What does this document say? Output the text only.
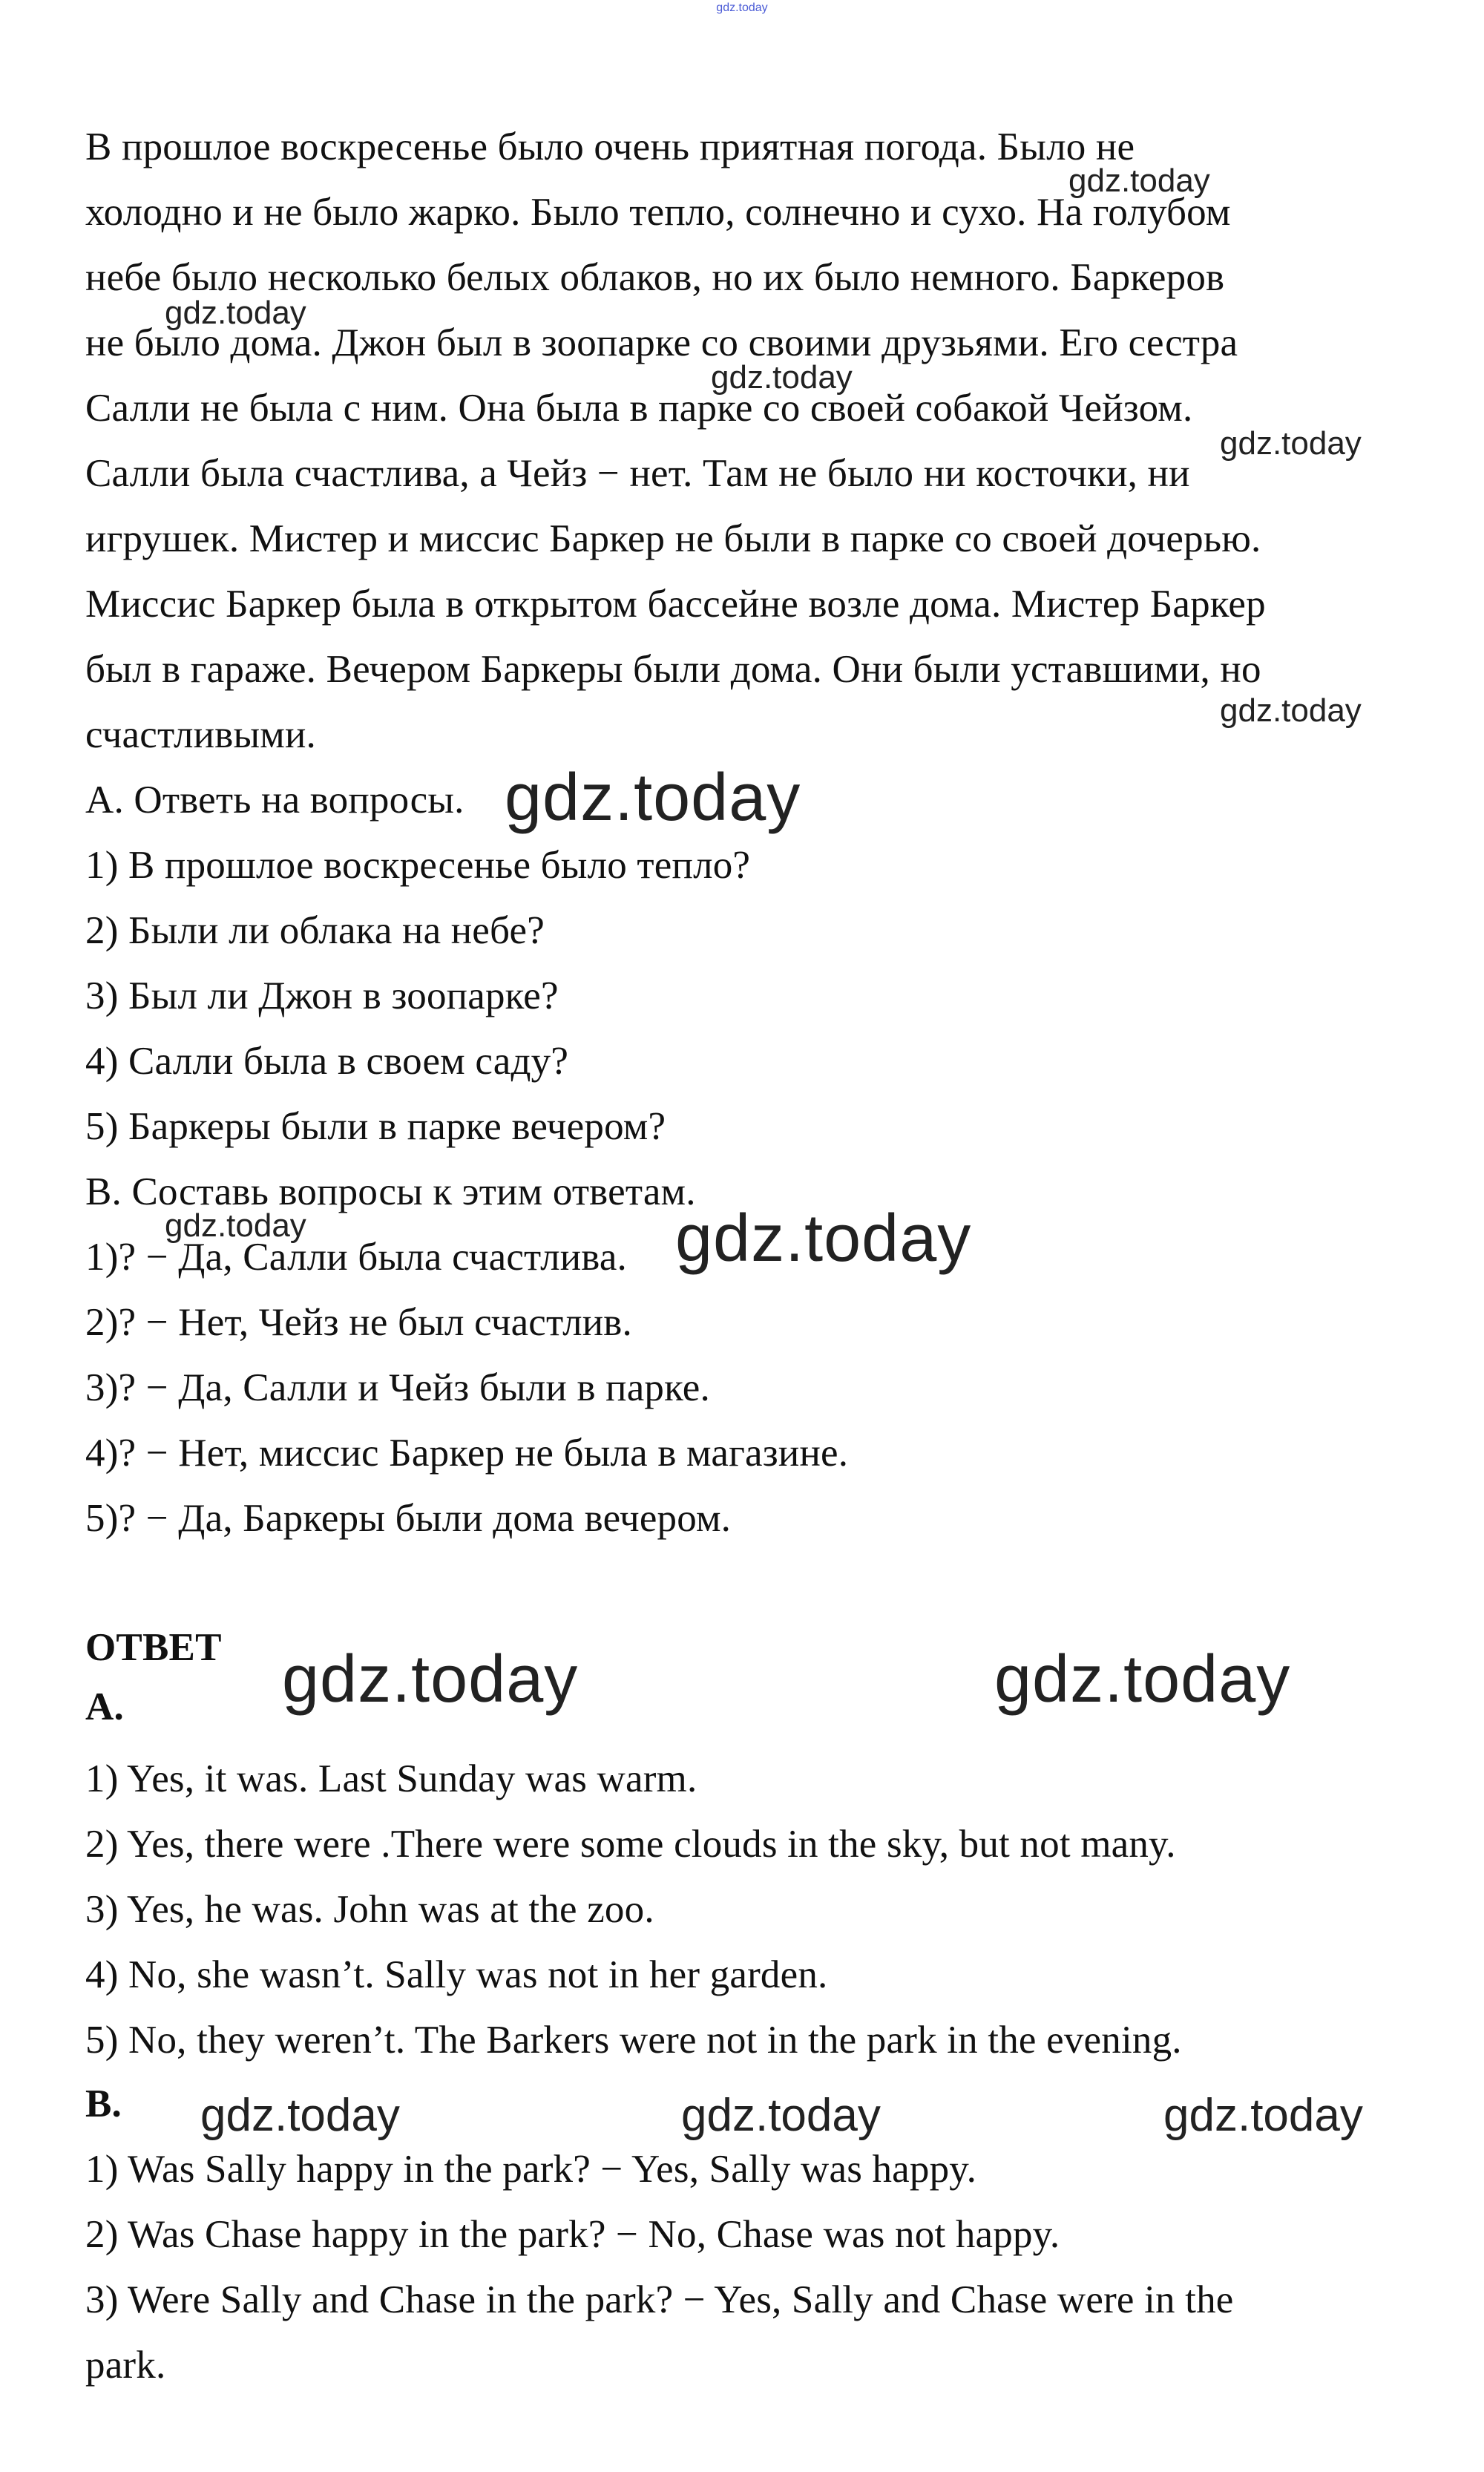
gdz.today
В прошлое воскресенье было очень приятная погода. Было не
холодно и не было жарко. Было тепло, солнечно и сухо. На голубом
небе было несколько белых облаков, но их было немного. Баркеров
не было дома. Джон был в зоопарке со своими друзьями. Его сестра
Салли не была с ним. Она была в парке со своей собакой Чейзом.
Салли была счастлива, а Чейз − нет. Там не было ни косточки, ни
игрушек. Мистер и миссис Баркер не были в парке со своей дочерью.
Миссис Баркер была в открытом бассейне возле дома. Мистер Баркер
был в гараже. Вечером Баркеры были дома. Они были уставшими, но
счастливыми.
А. Ответь на вопросы.
1) В прошлое воскресенье было тепло?
2) Были ли облака на небе?
3) Был ли Джон в зоопарке?
4) Салли была в своем саду?
5) Баркеры были в парке вечером?
В. Составь вопросы к этим ответам.
1)? − Да, Салли была счастлива.
2)? − Нет, Чейз не был счастлив.
3)? − Да, Салли и Чейз были в парке.
4)? − Нет, миссис Баркер не была в магазине.
5)? − Да, Баркеры были дома вечером.
ОТВЕТ
А.
1) Yes, it was. Last Sunday was warm.
2) Yes, there were .There were some clouds in the sky, but not many.
3) Yes, he was. John was at the zoo.
4) No, she wasn’t. Sally was not in her garden.
5) No, they weren’t. The Barkers were not in the park in the evening.
B.
1) Was Sally happy in the park? − Yes, Sally was happy.
2) Was Chase happy in the park? − No, Chase was not happy.
3) Were Sally and Chase in the park? − Yes, Sally and Chase were in the
park.
gdz.today
gdz.today
gdz.today
gdz.today
gdz.today
gdz.today
gdz.today	gdz.today
gdz.today	gdz.today
gdz.today	gdz.today	gdz.today
